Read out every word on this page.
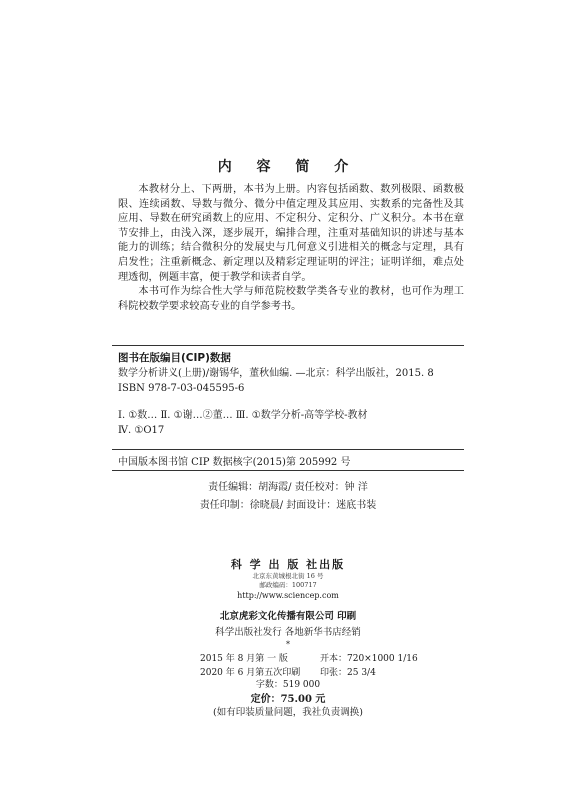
内 容 简 介

本教材分上、下两册，本书为上册。内容包括函数、数列极限、函数极限、连续函数、导数与微分、微分中值定理及其应用、实数系的完备性及其应用、导数在研究函数上的应用、不定积分、定积分、广义积分。本书在章节安排上，由浅入深，逐步展开，编排合理，注重对基础知识的讲述与基本能力的训练；结合微积分的发展史与几何意义引进相关的概念与定理，具有启发性；注重新概念、新定理以及精彩定理证明的评注；证明详细，难点处理透彻，例题丰富，便于教学和读者自学。

本书可作为综合性大学与师范院校数学类各专业的教材，也可作为理工科院校数学要求较高专业的自学参考书。

图书在版编目(CIP)数据
数学分析讲义(上册)/谢锡华，董秋仙编. —北京：科学出版社，2015. 8
ISBN 978-7-03-045595-6
Ⅰ. ①数… Ⅱ. ①谢…②董… Ⅲ. ①数学分析-高等学校-教材
Ⅳ. ①O17
中国版本图书馆 CIP 数据核字(2015)第 205992 号
责任编辑：胡海霞/ 责任校对：钟 洋
责任印制：徐晓晨/ 封面设计：迷底书装
科 学 出 版 社出版
北京东黄城根北街 16 号
邮政编码：100717
http://www.sciencep.com
北京虎彩文化传播有限公司 印刷
科学出版社发行 各地新华书店经销
*
2015 年 8 月第 一 版	开本：720×1000 1/16
2020 年 6 月第五次印刷 印张：25 3/4
字数：519 000
定价：75.00 元
(如有印装质量问题，我社负责调换)
